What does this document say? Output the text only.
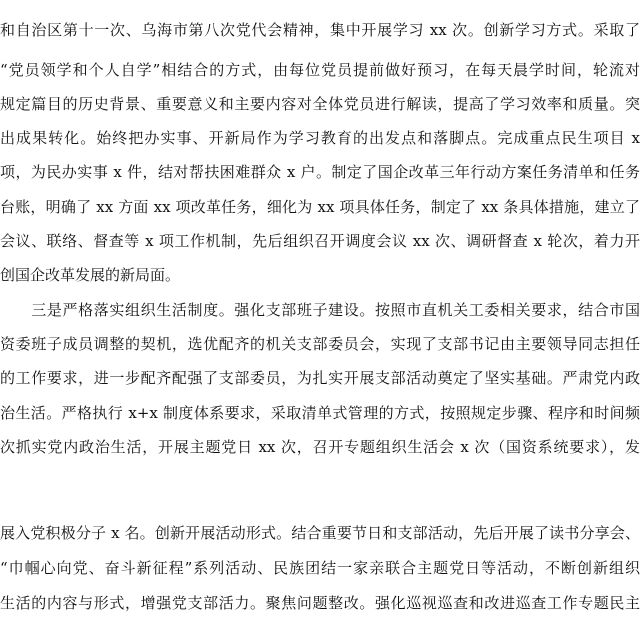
和自治区第十一次、乌海市第八次党代会精神，集中开展学习 xx 次。创新学习方式。采取了
“党员领学和个人自学”相结合的方式，由每位党员提前做好预习，在每天晨学时间，轮流对
规定篇目的历史背景、重要意义和主要内容对全体党员进行解读，提高了学习效率和质量。突
出成果转化。始终把办实事、开新局作为学习教育的出发点和落脚点。完成重点民生项目 x
项，为民办实事 x 件，结对帮扶困难群众 x 户。制定了国企改革三年行动方案任务清单和任务
台账，明确了 xx 方面 xx 项改革任务，细化为 xx 项具体任务，制定了 xx 条具体措施，建立了
会议、联络、督查等 x 项工作机制，先后组织召开调度会议 xx 次、调研督查 x 轮次，着力开
创国企改革发展的新局面。
　　三是严格落实组织生活制度。强化支部班子建设。按照市直机关工委相关要求，结合市国
资委班子成员调整的契机，选优配齐的机关支部委员会，实现了支部书记由主要领导同志担任
的工作要求，进一步配齐配强了支部委员，为扎实开展支部活动奠定了坚实基础。严肃党内政
治生活。严格执行 x+x 制度体系要求，采取清单式管理的方式，按照规定步骤、程序和时间频
次抓实党内政治生活，开展主题党日 xx 次，召开专题组织生活会 x 次（国资系统要求），发
展入党积极分子 x 名。创新开展活动形式。结合重要节日和支部活动，先后开展了读书分享会、
“巾帼心向党、奋斗新征程”系列活动、民族团结一家亲联合主题党日等活动，不断创新组织
生活的内容与形式，增强党支部活力。聚焦问题整改。强化巡视巡查和改进巡查工作专题民主
